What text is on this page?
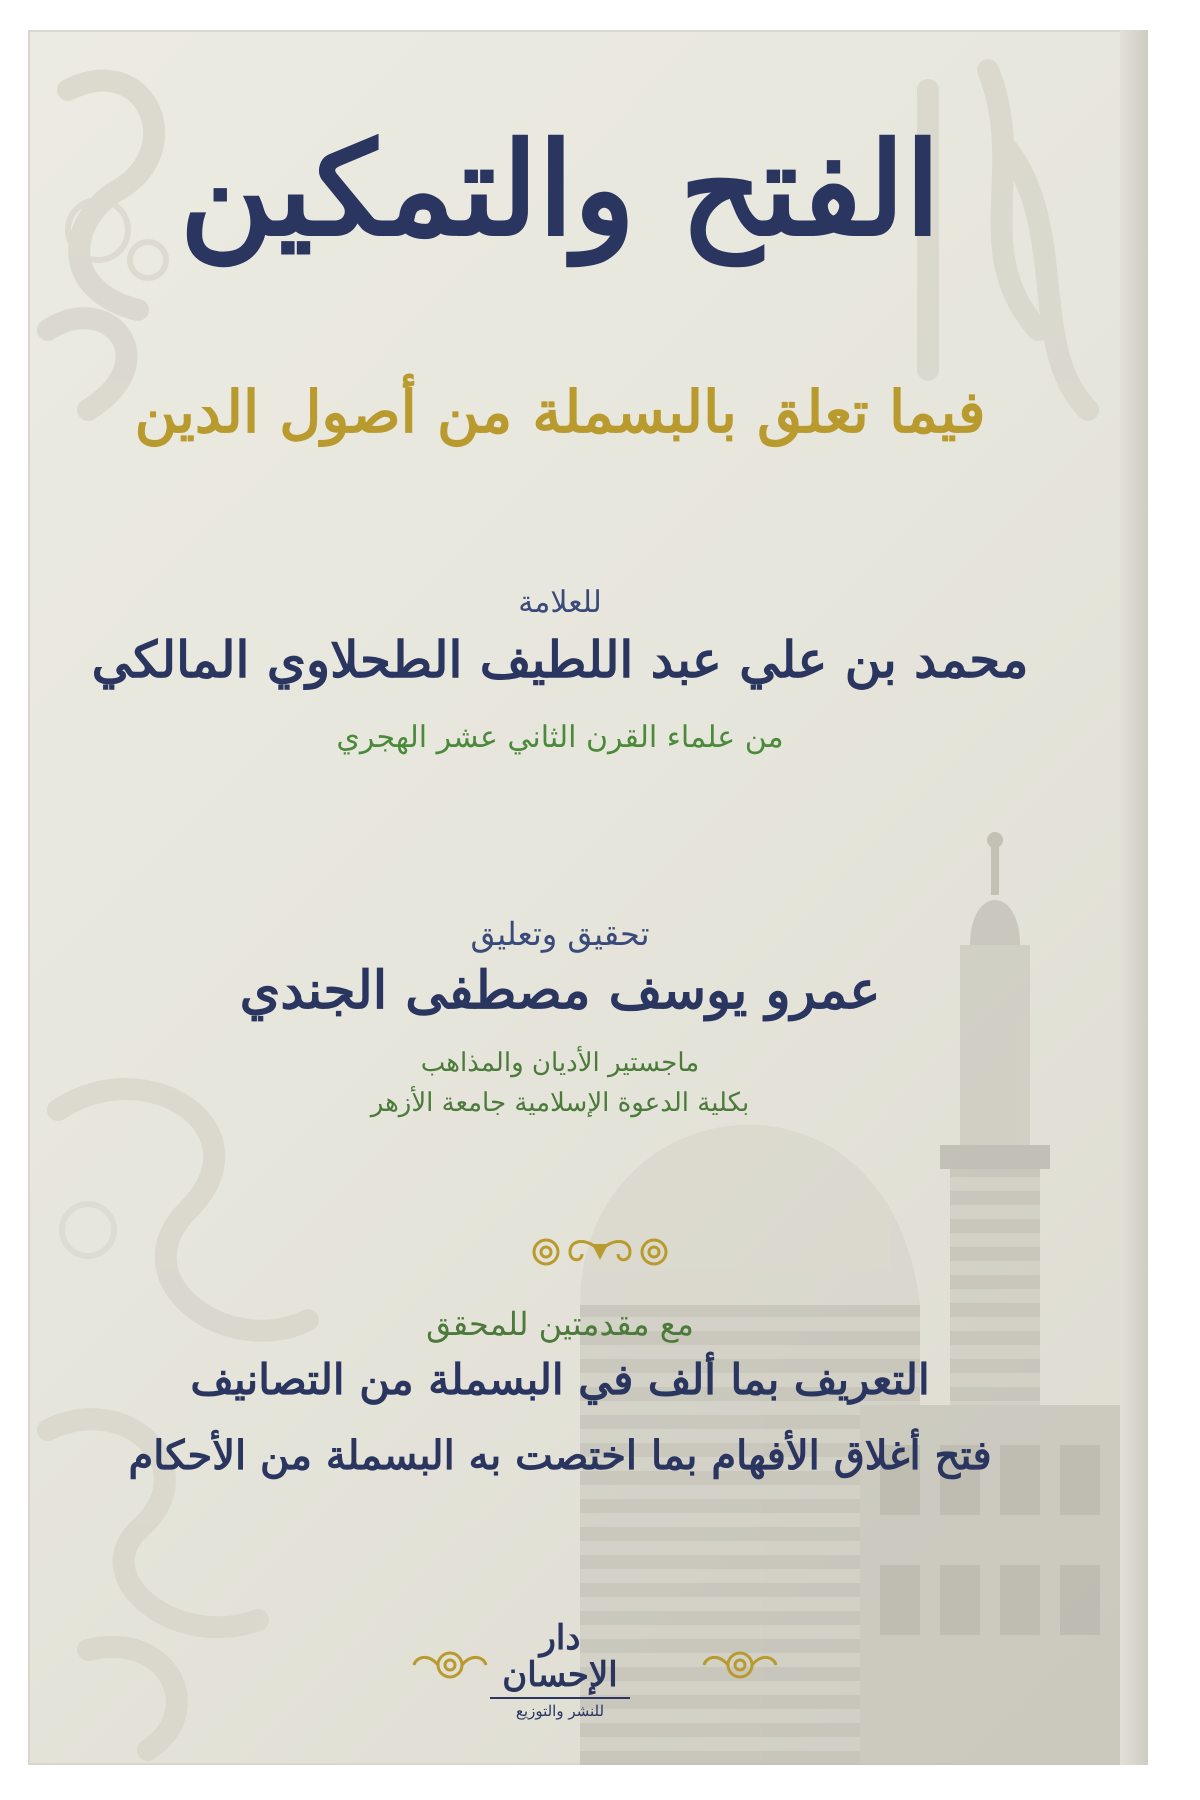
الفتح والتمكين
فيما تعلق بالبسملة من أصول الدين
للعلامة
محمد بن علي عبد اللطيف الطحلاوي المالكي
من علماء القرن الثاني عشر الهجري
تحقيق وتعليق
عمرو يوسف مصطفى الجندي
ماجستير الأديان والمذاهب
بكلية الدعوة الإسلامية جامعة الأزهر
مع مقدمتين للمحقق
التعريف بما ألف في البسملة من التصانيف
فتح أغلاق الأفهام بما اختصت به البسملة من الأحكام
دار الإحسان
للنشر والتوزيع
